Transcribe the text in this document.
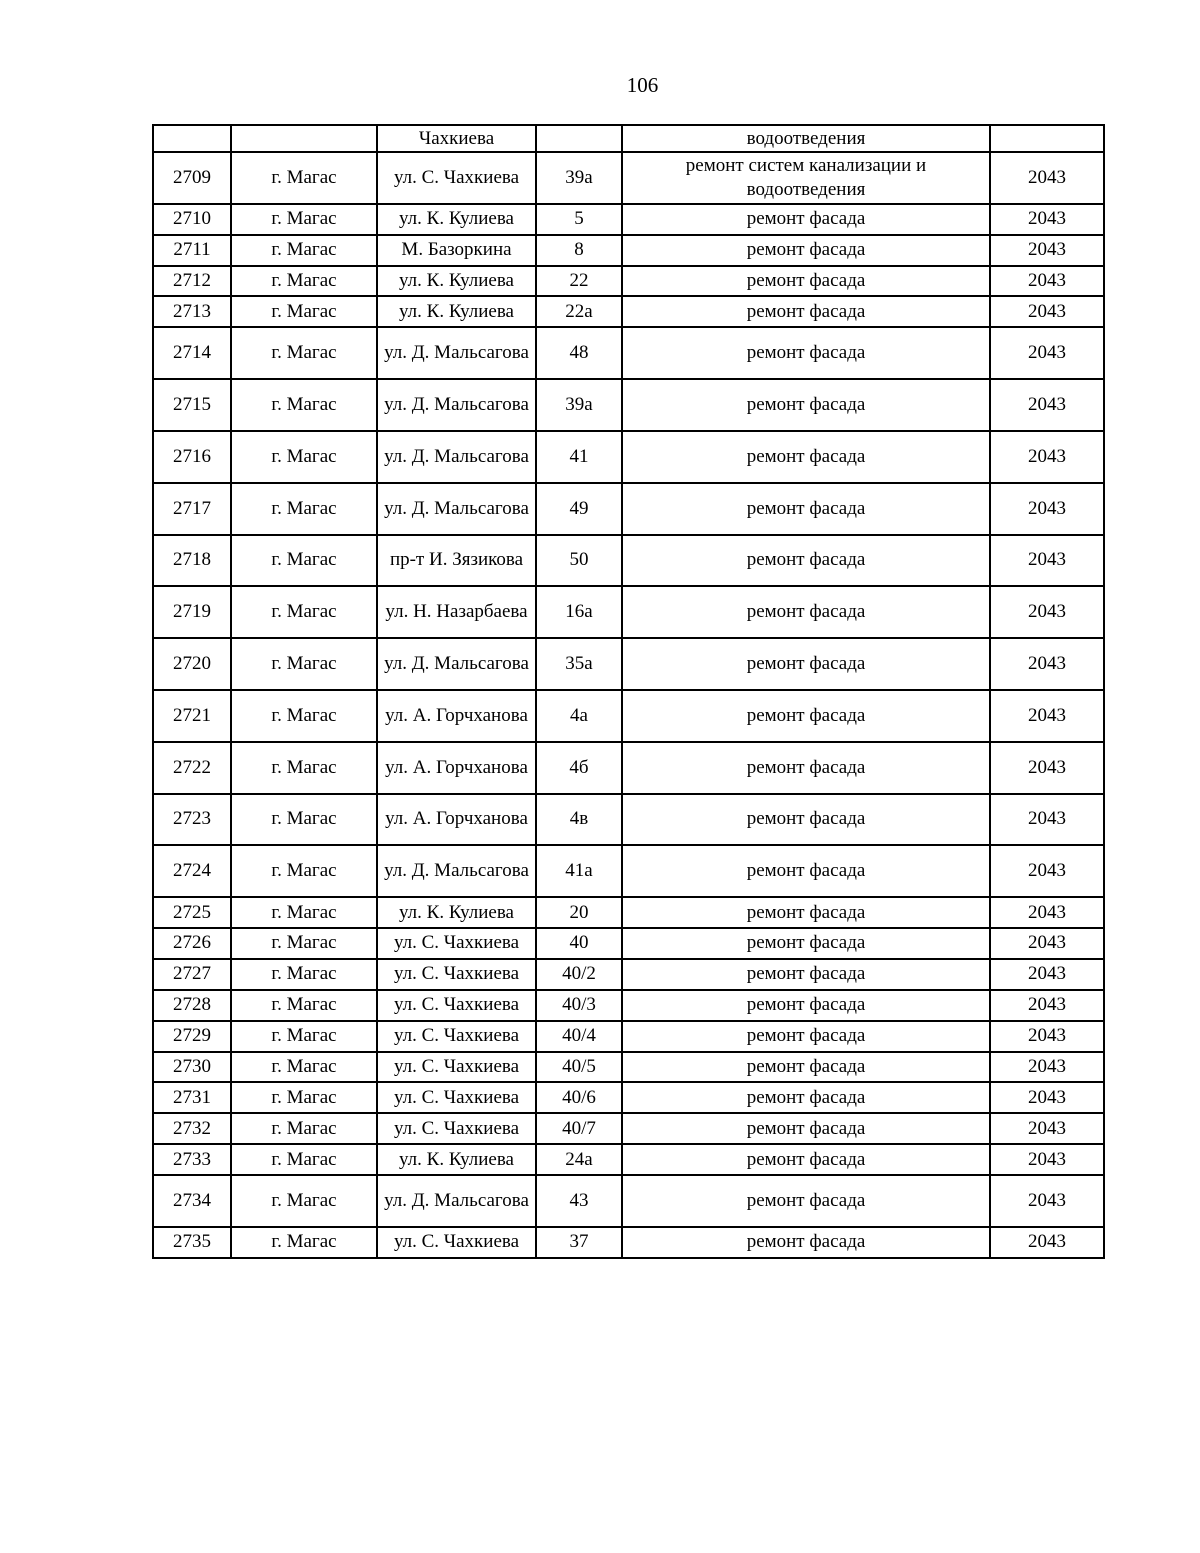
106
		Чахкиева		водоотведения	
2709	г. Магас	ул. С. Чахкиева	39а	ремонт систем канализации и водоотведения	2043
2710	г. Магас	ул. К. Кулиева	5	ремонт фасада	2043
2711	г. Магас	М. Базоркина	8	ремонт фасада	2043
2712	г. Магас	ул. К. Кулиева	22	ремонт фасада	2043
2713	г. Магас	ул. К. Кулиева	22а	ремонт фасада	2043
2714	г. Магас	ул. Д. Мальсагова	48	ремонт фасада	2043
2715	г. Магас	ул. Д. Мальсагова	39а	ремонт фасада	2043
2716	г. Магас	ул. Д. Мальсагова	41	ремонт фасада	2043
2717	г. Магас	ул. Д. Мальсагова	49	ремонт фасада	2043
2718	г. Магас	пр-т И. Зязикова	50	ремонт фасада	2043
2719	г. Магас	ул. Н. Назарбаева	16а	ремонт фасада	2043
2720	г. Магас	ул. Д. Мальсагова	35а	ремонт фасада	2043
2721	г. Магас	ул. А. Горчханова	4а	ремонт фасада	2043
2722	г. Магас	ул. А. Горчханова	4б	ремонт фасада	2043
2723	г. Магас	ул. А. Горчханова	4в	ремонт фасада	2043
2724	г. Магас	ул. Д. Мальсагова	41а	ремонт фасада	2043
2725	г. Магас	ул. К. Кулиева	20	ремонт фасада	2043
2726	г. Магас	ул. С. Чахкиева	40	ремонт фасада	2043
2727	г. Магас	ул. С. Чахкиева	40/2	ремонт фасада	2043
2728	г. Магас	ул. С. Чахкиева	40/3	ремонт фасада	2043
2729	г. Магас	ул. С. Чахкиева	40/4	ремонт фасада	2043
2730	г. Магас	ул. С. Чахкиева	40/5	ремонт фасада	2043
2731	г. Магас	ул. С. Чахкиева	40/6	ремонт фасада	2043
2732	г. Магас	ул. С. Чахкиева	40/7	ремонт фасада	2043
2733	г. Магас	ул. К. Кулиева	24а	ремонт фасада	2043
2734	г. Магас	ул. Д. Мальсагова	43	ремонт фасада	2043
2735	г. Магас	ул. С. Чахкиева	37	ремонт фасада	2043
